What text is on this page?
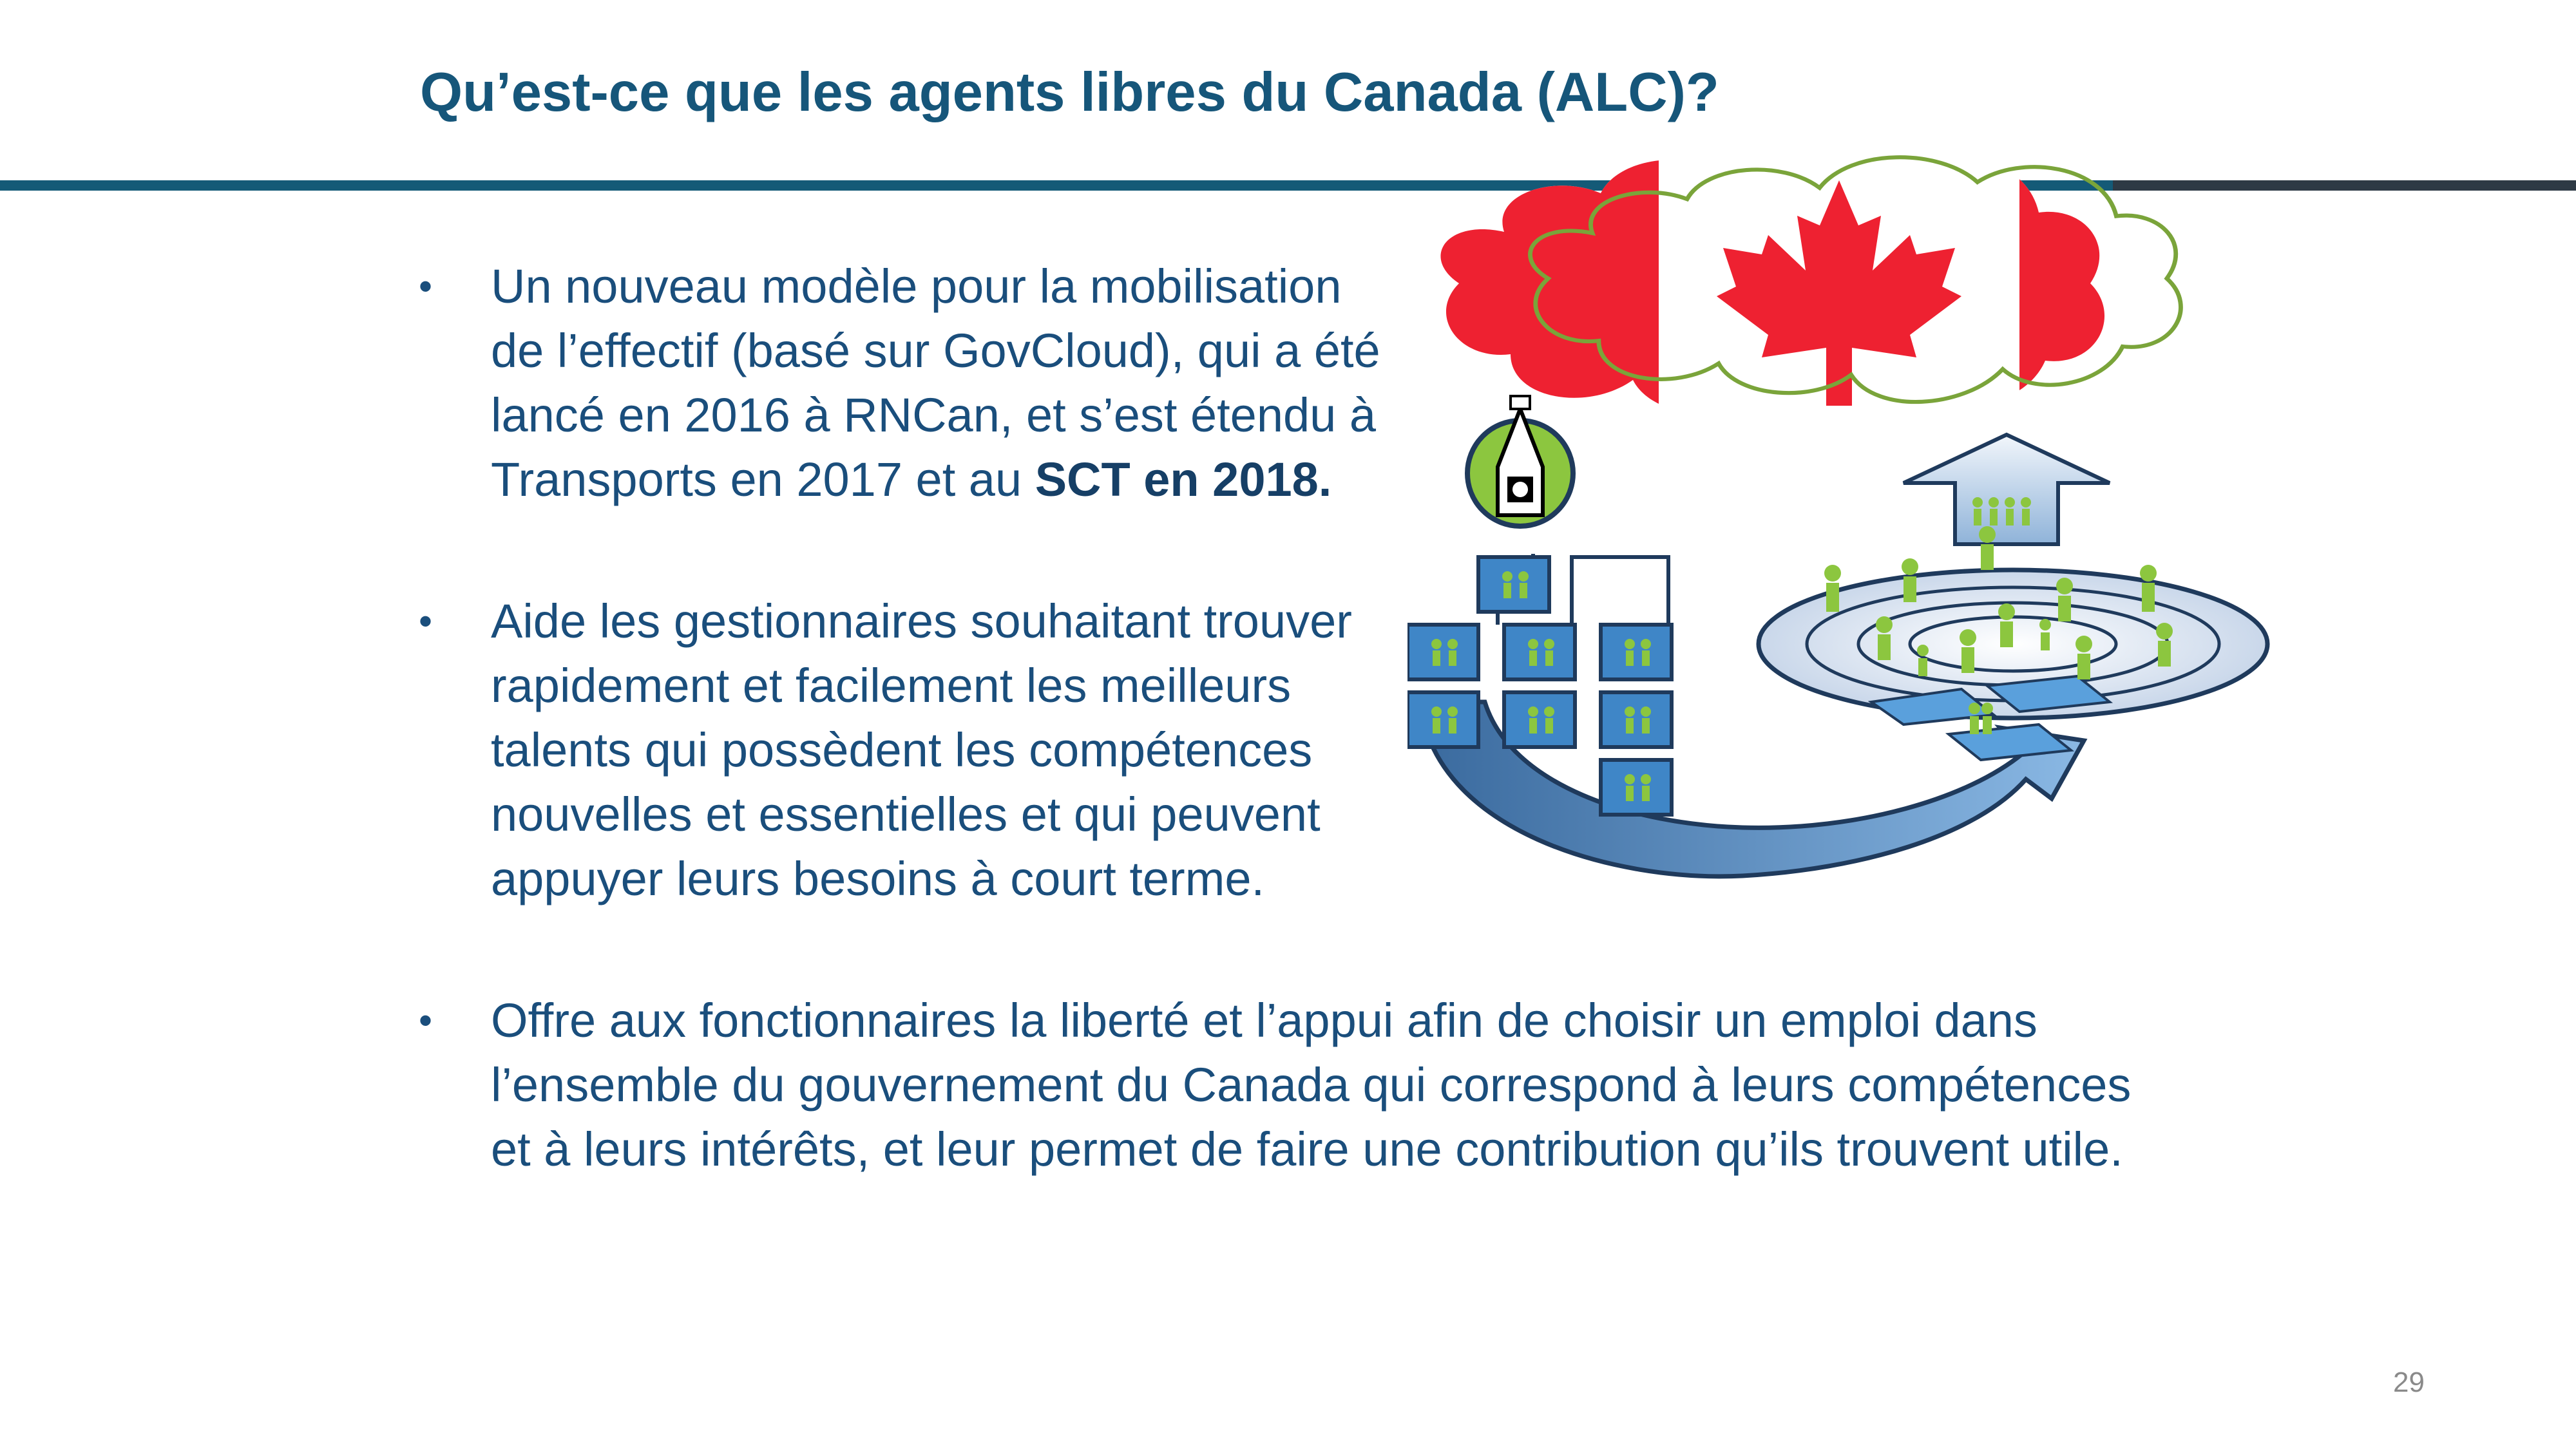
Qu’est-ce que les agents libres du Canada (ALC)?
• Un nouveau modèle pour la mobilisation
de l’effectif (basé sur GovCloud), qui a été
lancé en 2016 à RNCan, et s’est étendu à
Transports en 2017 et au SCT en 2018.
• Aide les gestionnaires souhaitant trouver
rapidement et facilement les meilleurs
talents qui possèdent les compétences
nouvelles et essentielles et qui peuvent
appuyer leurs besoins à court terme.
• Offre aux fonctionnaires la liberté et l’appui afin de choisir un emploi dans
l’ensemble du gouvernement du Canada qui correspond à leurs compétences
et à leurs intérêts, et leur permet de faire une contribution qu’ils trouvent utile.
29
